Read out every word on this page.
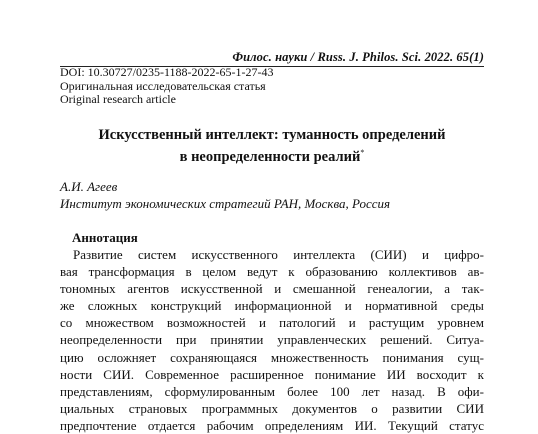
Филос. науки / Russ. J. Philos. Sci. 2022. 65(1)
DOI: 10.30727/0235-1188-2022-65-1-27-43
Оригинальная исследовательская статья
Original research article
Искусственный интеллект: туманность определений
в неопределенности реалий*
А.И. Агеев
Институт экономических стратегий РАН, Москва, Россия
Аннотация
Развитие систем искусственного интеллекта (СИИ) и цифро-
вая трансформация в целом ведут к образованию коллективов ав-
тономных агентов искусственной и смешанной генеалогии, а так-
же сложных конструкций информационной и нормативной среды
со множеством возможностей и патологий и растущим уровнем
неопределенности при принятии управленческих решений. Ситуа-
цию осложняет сохраняющаяся множественность понимания сущ-
ности СИИ. Современное расширенное понимание ИИ восходит к
представлениям, сформулированным более 100 лет назад. В офи-
циальных страновых программных документов о развитии СИИ
предпочтение отдается рабочим определениям ИИ. Текущий статус
